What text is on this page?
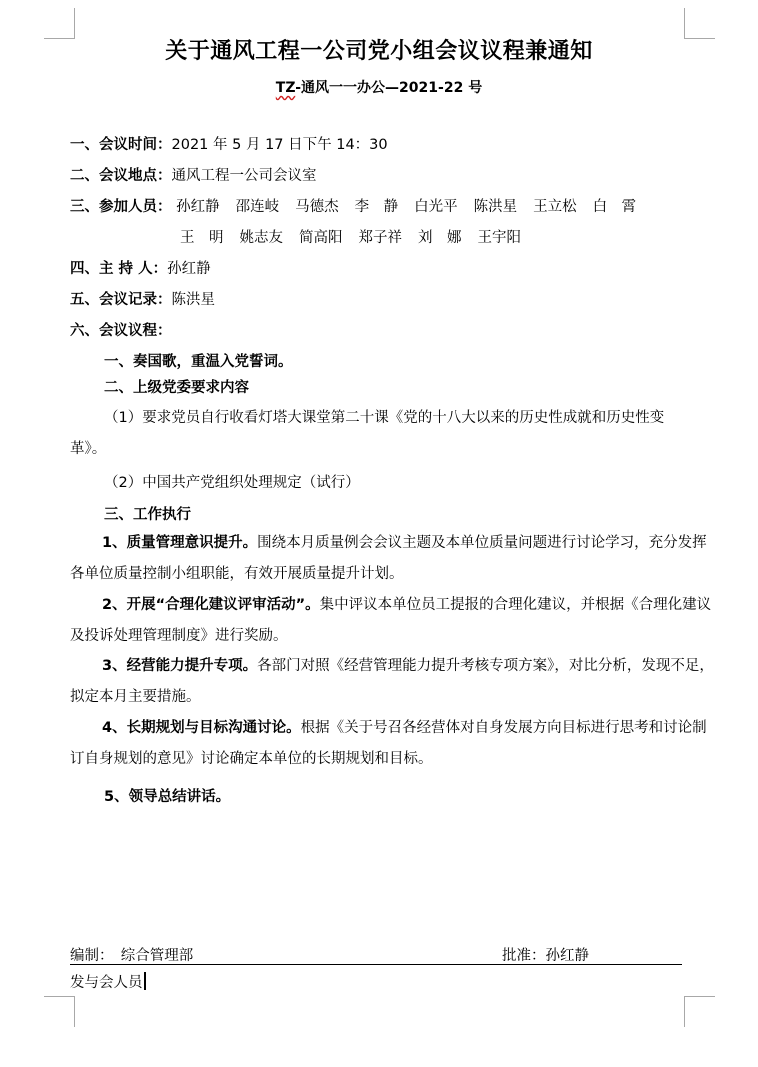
关于通风工程一公司党小组会议议程兼通知
TZ-通风一一办公—2021-22 号
一、会议时间：2021 年 5 月 17 日下午 14：30
二、会议地点：通风工程一公司会议室
三、参加人员： 孙红静 邵连岐 马德杰 李　静 白光平 陈洪星 王立松 白　霄
王　明 姚志友 简高阳 郑子祥 刘　娜 王宇阳
四、主 持 人：孙红静
五、会议记录：陈洪星
六、会议议程：
一、奏国歌，重温入党誓词。
二、上级党委要求内容
（1）要求党员自行收看灯塔大课堂第二十课《党的十八大以来的历史性成就和历史性变
革》。
（2）中国共产党组织处理规定（试行）
三、工作执行
1、质量管理意识提升。围绕本月质量例会会议主题及本单位质量问题进行讨论学习，充分发挥各单位质量控制小组职能，有效开展质量提升计划。
2、开展“合理化建议评审活动”。集中评议本单位员工提报的合理化建议，并根据《合理化建议及投诉处理管理制度》进行奖励。
3、经营能力提升专项。各部门对照《经营管理能力提升考核专项方案》，对比分析，发现不足，拟定本月主要措施。
4、长期规划与目标沟通讨论。根据《关于号召各经营体对自身发展方向目标进行思考和讨论制订自身规划的意见》讨论确定本单位的长期规划和目标。
5、领导总结讲话。
编制：　综合管理部	批准：孙红静
发与会人员
